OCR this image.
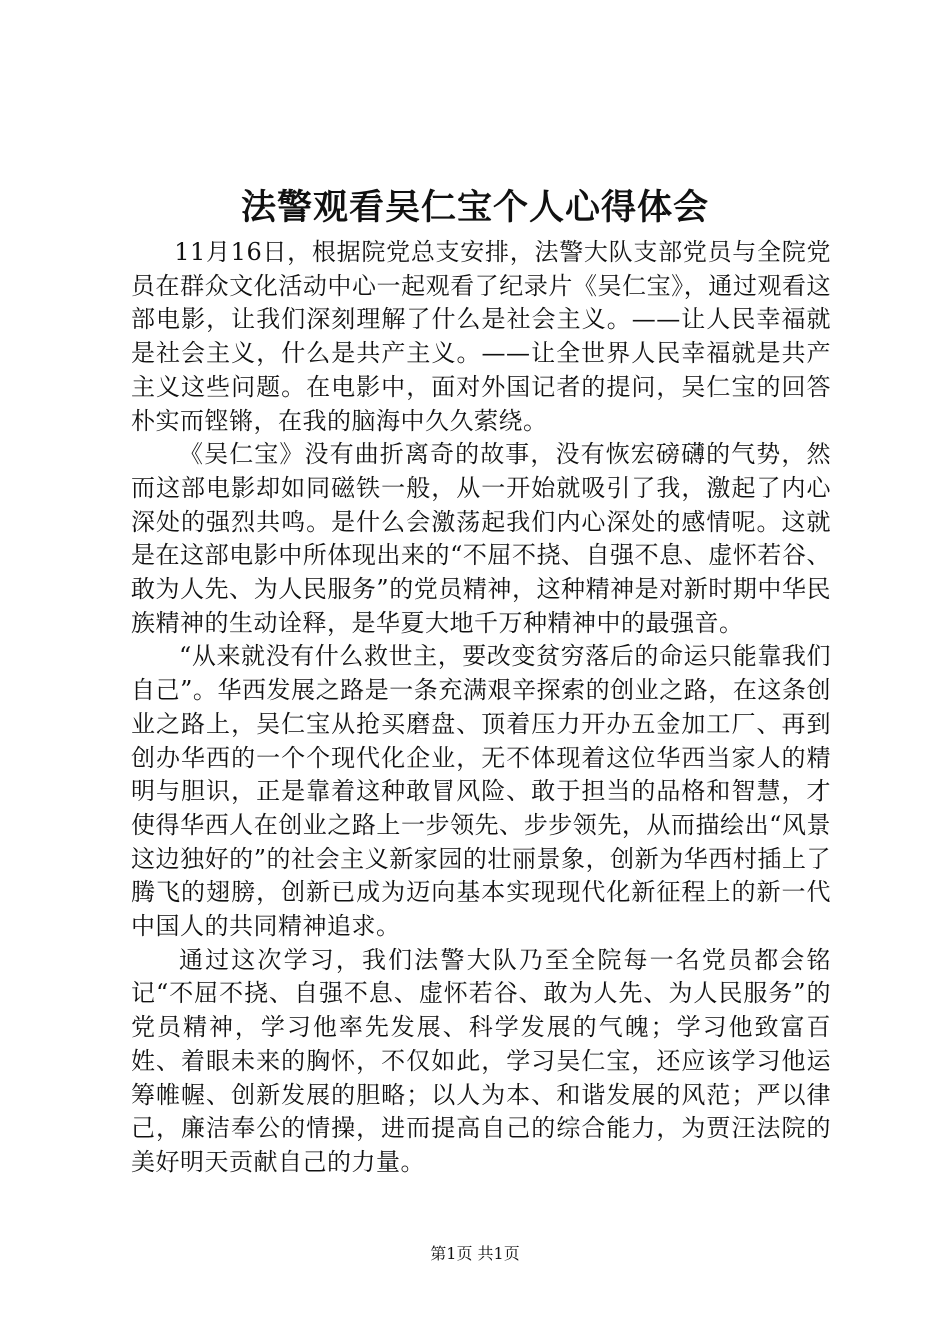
法警观看吴仁宝个人心得体会

11月16日，根据院党总支安排，法警大队支部党员与全院党员在群众文化活动中心一起观看了纪录片《吴仁宝》，通过观看这部电影，让我们深刻理解了什么是社会主义。——让人民幸福就是社会主义，什么是共产主义。——让全世界人民幸福就是共产主义这些问题。在电影中，面对外国记者的提问，吴仁宝的回答朴实而铿锵，在我的脑海中久久萦绕。

《吴仁宝》没有曲折离奇的故事，没有恢宏磅礴的气势，然而这部电影却如同磁铁一般，从一开始就吸引了我，激起了内心深处的强烈共鸣。是什么会激荡起我们内心深处的感情呢。这就是在这部电影中所体现出来的“不屈不挠、自强不息、虚怀若谷、敢为人先、为人民服务”的党员精神，这种精神是对新时期中华民族精神的生动诠释，是华夏大地千万种精神中的最强音。

“从来就没有什么救世主，要改变贫穷落后的命运只能靠我们自己”。华西发展之路是一条充满艰辛探索的创业之路，在这条创业之路上，吴仁宝从抢买磨盘、顶着压力开办五金加工厂、再到创办华西的一个个现代化企业，无不体现着这位华西当家人的精明与胆识，正是靠着这种敢冒风险、敢于担当的品格和智慧，才使得华西人在创业之路上一步领先、步步领先，从而描绘出“风景这边独好的”的社会主义新家园的壮丽景象，创新为华西村插上了腾飞的翅膀，创新已成为迈向基本实现现代化新征程上的新一代中国人的共同精神追求。

通过这次学习，我们法警大队乃至全院每一名党员都会铭记“不屈不挠、自强不息、虚怀若谷、敢为人先、为人民服务”的党员精神，学习他率先发展、科学发展的气魄；学习他致富百姓、着眼未来的胸怀，不仅如此，学习吴仁宝，还应该学习他运筹帷幄、创新发展的胆略；以人为本、和谐发展的风范；严以律己，廉洁奉公的情操，进而提高自己的综合能力，为贾汪法院的美好明天贡献自己的力量。

第1页 共1页
